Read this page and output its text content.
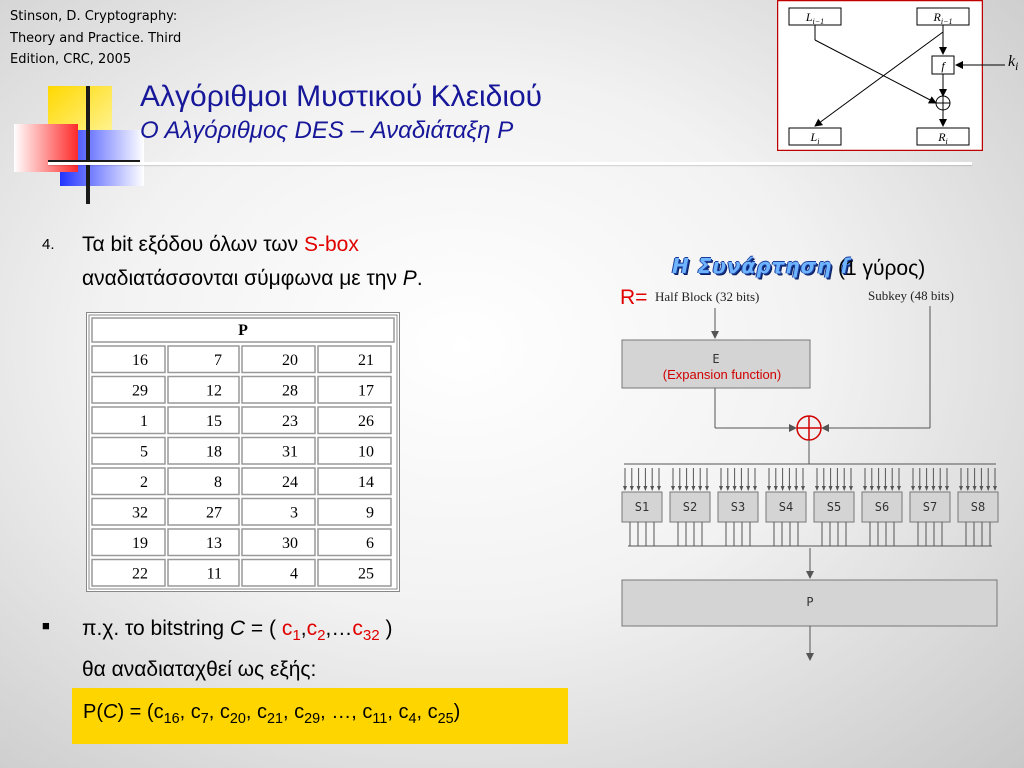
Stinson, D. Cryptography:
Theory and Practice. Third
Edition, CRC, 2005
Αλγόριθμοι Μυστικού Κλειδιού
Ο Αλγόριθμος DES – Αναδιάταξη P
4. Τα bit εξόδου όλων των S-box
αναδιατάσσονται σύμφωνα με την P.
P
16	7	20	21
29	12	28	17
1	15	23	26
5	18	31	10
2	8	24	14
32	27	3	9
19	13	30	6
22	11	4	25
■ π.χ. το bitstring C = ( $c_1,c_2,\dots c_{32}$ )
θα αναδιαταχθεί ως εξής:
$P(C) = (c_{16}$, $c_7$, $c_{20}$, $c_{21}$, $c_{29}$, …, $c_{11}$, $c_4$, $c_{25}$)
$L_{i-1}$	$R_{i-1}$
f
$L_i$	$R_i$
$k_i$
Half Block (32 bits)	Subkey (48 bits)
E
(Expansion function)
S1	S2	S3	S4	S5	S6	S7	S8
P
Η Συνάρτηση f
(1 γύρος)
R=
